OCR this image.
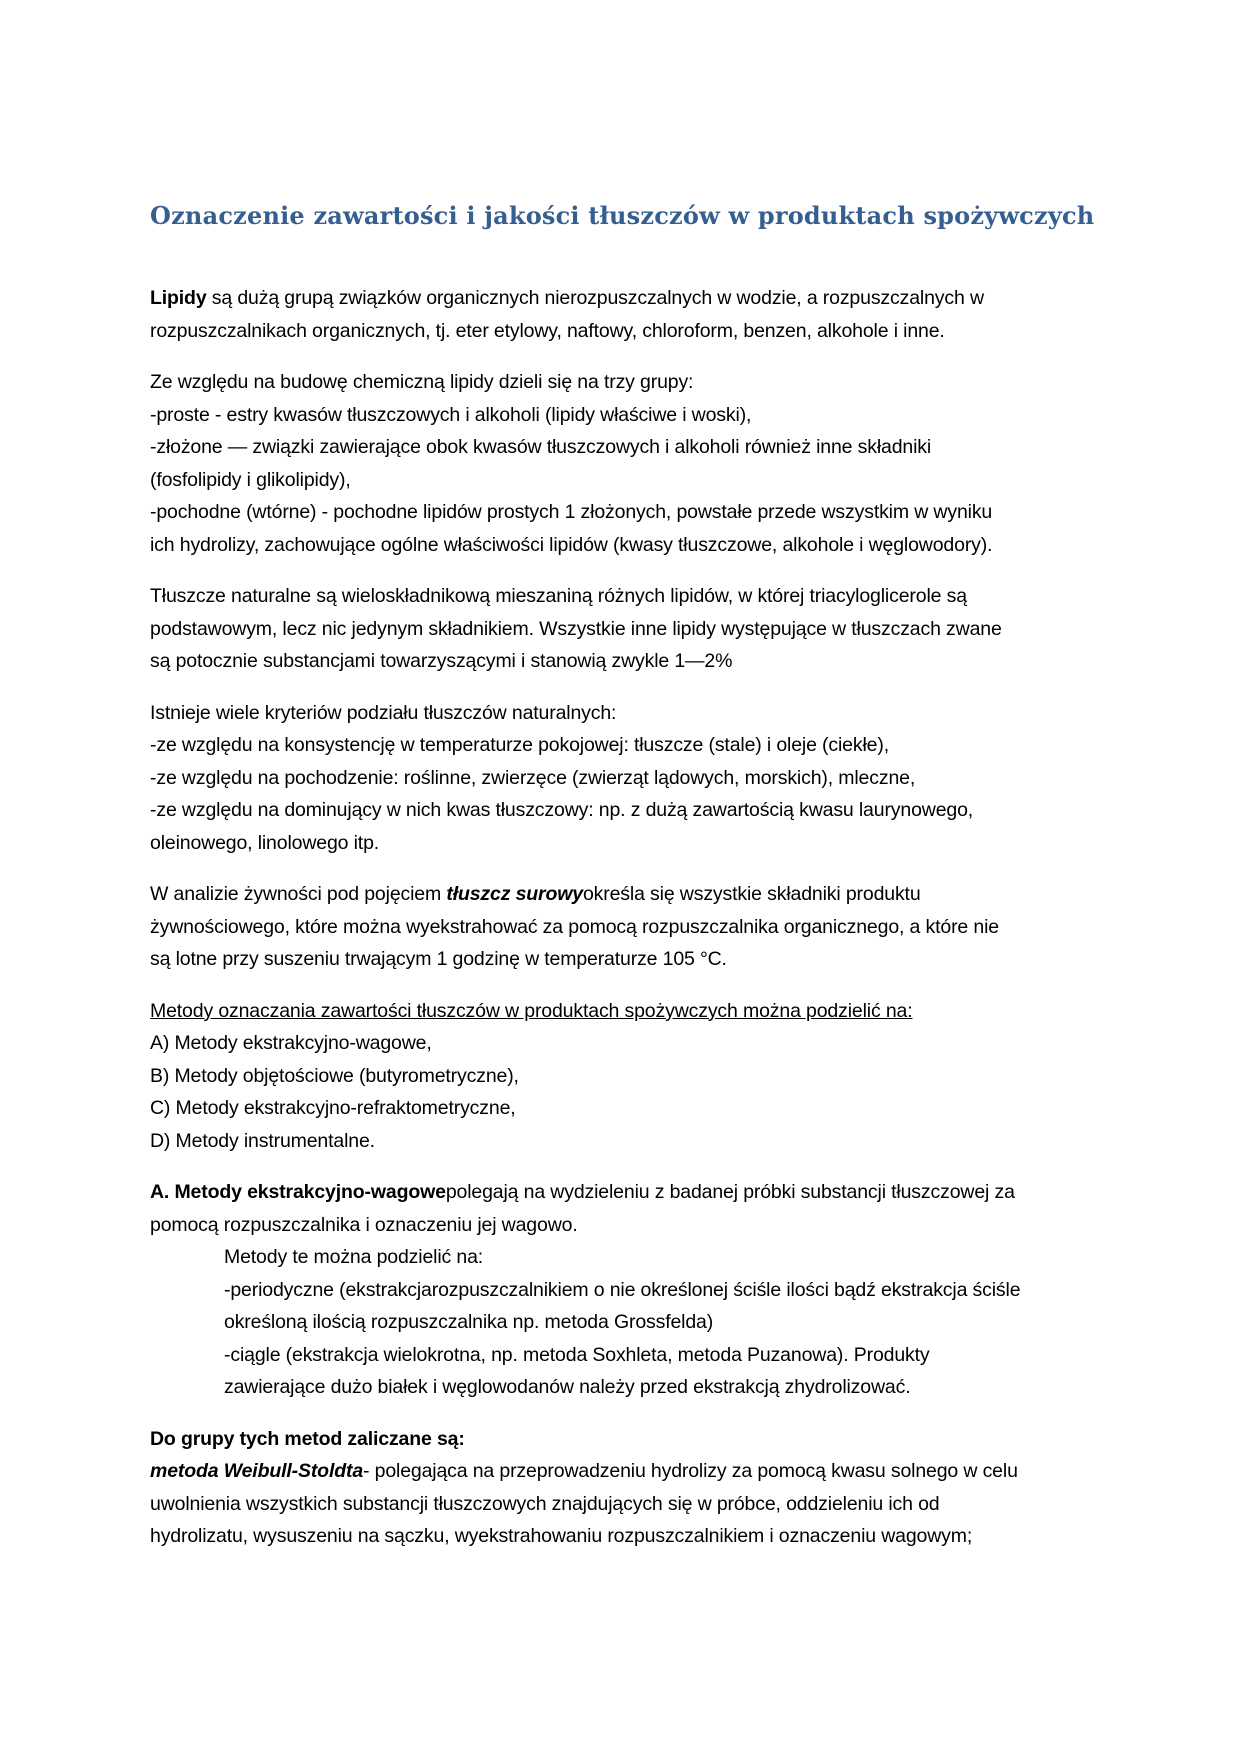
Oznaczenie zawartości i jakości tłuszczów w produktach spożywczych

Lipidy są dużą grupą związków organicznych nierozpuszczalnych w wodzie, a rozpuszczalnych w
rozpuszczalnikach organicznych, tj. eter etylowy, naftowy, chloroform, benzen, alkohole i inne.

Ze względu na budowę chemiczną lipidy dzieli się na trzy grupy:
-proste - estry kwasów tłuszczowych i alkoholi (lipidy właściwe i woski),
-złożone — związki zawierające obok kwasów tłuszczowych i alkoholi również inne składniki
(fosfolipidy i glikolipidy),
-pochodne (wtórne) - pochodne lipidów prostych 1 złożonych, powstałe przede wszystkim w wyniku
ich hydrolizy, zachowujące ogólne właściwości lipidów (kwasy tłuszczowe, alkohole i węglowodory).

Tłuszcze naturalne są wieloskładnikową mieszaniną różnych lipidów, w której triacyloglicerole są
podstawowym, lecz nic jedynym składnikiem. Wszystkie inne lipidy występujące w tłuszczach zwane
są potocznie substancjami towarzyszącymi i stanowią zwykle 1—2%

Istnieje wiele kryteriów podziału tłuszczów naturalnych:
-ze względu na konsystencję w temperaturze pokojowej: tłuszcze (stale) i oleje (ciekłe),
-ze względu na pochodzenie: roślinne, zwierzęce (zwierząt lądowych, morskich), mleczne,
-ze względu na dominujący w nich kwas tłuszczowy: np. z dużą zawartością kwasu laurynowego,
oleinowego, linolowego itp.

W analizie żywności pod pojęciem tłuszcz surowyokreśla się wszystkie składniki produktu
żywnościowego, które można wyekstrahować za pomocą rozpuszczalnika organicznego, a które nie
są lotne przy suszeniu trwającym 1 godzinę w temperaturze 105 °C.

Metody oznaczania zawartości tłuszczów w produktach spożywczych można podzielić na:
A) Metody ekstrakcyjno-wagowe,
B) Metody objętościowe (butyrometryczne),
C) Metody ekstrakcyjno-refraktometryczne,
D) Metody instrumentalne.

A. Metody ekstrakcyjno-wagowepolegają na wydzieleniu z badanej próbki substancji tłuszczowej za
pomocą rozpuszczalnika i oznaczeniu jej wagowo.
Metody te można podzielić na:
-periodyczne (ekstrakcjarozpuszczalnikiem o nie określonej ściśle ilości bądź ekstrakcja ściśle
określoną ilością rozpuszczalnika np. metoda Grossfelda)
-ciągle (ekstrakcja wielokrotna, np. metoda Soxhleta, metoda Puzanowa). Produkty
zawierające dużo białek i węglowodanów należy przed ekstrakcją zhydrolizować.

Do grupy tych metod zaliczane są:
metoda Weibull-Stoldta- polegająca na przeprowadzeniu hydrolizy za pomocą kwasu solnego w celu
uwolnienia wszystkich substancji tłuszczowych znajdujących się w próbce, oddzieleniu ich od
hydrolizatu, wysuszeniu na sączku, wyekstrahowaniu rozpuszczalnikiem i oznaczeniu wagowym;
